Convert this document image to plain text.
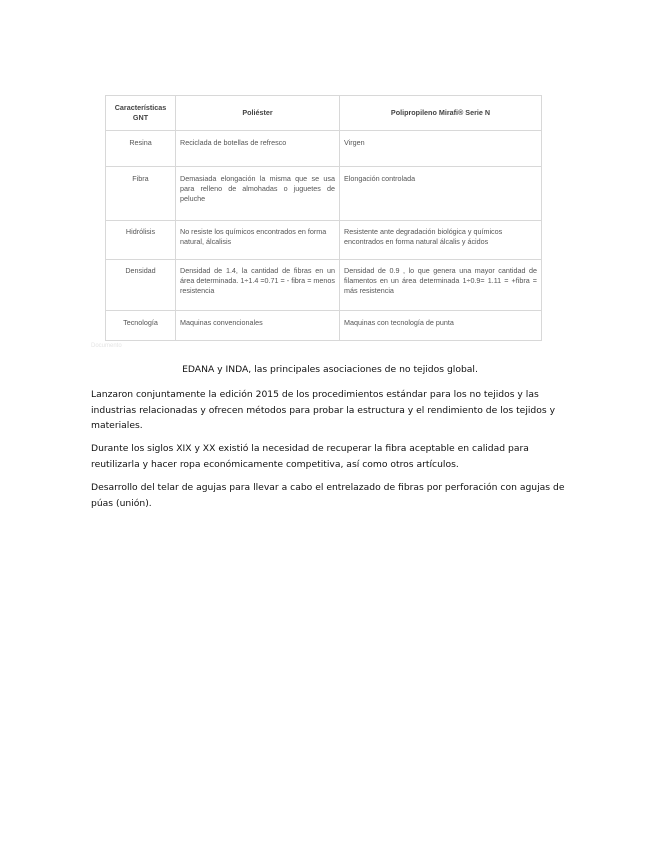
Características GNT	Poliéster	Polipropileno Mirafi® Serie N
Resina	Reciclada de botellas de refresco	Virgen
Fibra	Demasiada elongación la misma que se usa para relleno de almohadas o juguetes de peluche	Elongación controlada
Hidrólisis	No resiste los químicos encontrados en forma natural, álcalisis	Resistente ante degradación biológica y químicos encontrados en forma natural álcalis y ácidos
Densidad	Densidad de 1.4, la cantidad de fibras en un área determinada. 1÷1.4 =0.71 = - fibra = menos resistencia	Densidad de 0.9 , lo que genera una mayor cantidad de filamentos en un área determinada 1÷0.9= 1.11 = +fibra = más resistencia
Tecnología	Maquinas convencionales	Maquinas con tecnología de punta
Documento

EDANA y INDA, las principales asociaciones de no tejidos global.

Lanzaron conjuntamente la edición 2015 de los procedimientos estándar para los no tejidos y las industrias relacionadas y ofrecen métodos para probar la estructura y el rendimiento de los tejidos y materiales.

Durante los siglos XIX y XX existió la necesidad de recuperar la fibra aceptable en calidad para reutilizarla y hacer ropa económicamente competitiva, así como otros artículos.

Desarrollo del telar de agujas para llevar a cabo el entrelazado de fibras por perforación con agujas de púas (unión).
